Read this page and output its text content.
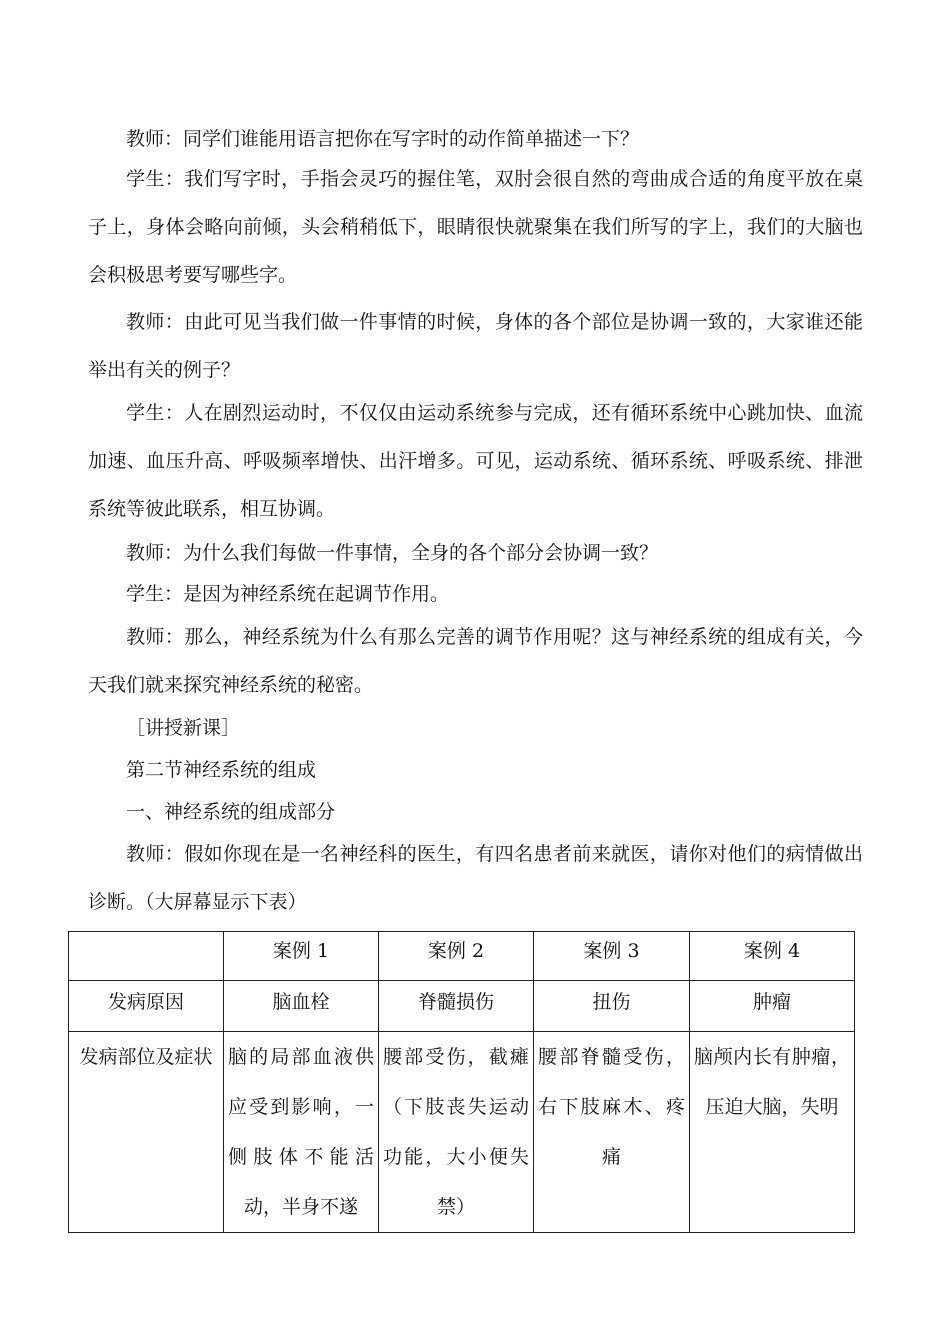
教师：同学们谁能用语言把你在写字时的动作简单描述一下？

学生：我们写字时，手指会灵巧的握住笔，双肘会很自然的弯曲成合适的角度平放在桌子上，身体会略向前倾，头会稍稍低下，眼睛很快就聚集在我们所写的字上，我们的大脑也会积极思考要写哪些字。

教师：由此可见当我们做一件事情的时候，身体的各个部位是协调一致的，大家谁还能举出有关的例子？

学生：人在剧烈运动时，不仅仅由运动系统参与完成，还有循环系统中心跳加快、血流加速、血压升高、呼吸频率增快、出汗增多。可见，运动系统、循环系统、呼吸系统、排泄系统等彼此联系，相互协调。

教师：为什么我们每做一件事情，全身的各个部分会协调一致？

学生：是因为神经系统在起调节作用。

教师：那么，神经系统为什么有那么完善的调节作用呢？这与神经系统的组成有关，今天我们就来探究神经系统的秘密。

［讲授新课］

第二节神经系统的组成

一、神经系统的组成部分

教师：假如你现在是一名神经科的医生，有四名患者前来就医，请你对他们的病情做出诊断。（大屏幕显示下表）

	案例 1	案例 2	案例 3	案例 4
发病原因	脑血栓	脊髓损伤	扭伤	肿瘤
发病部位及症状	脑的局部血液供应受到影响，一侧肢体不能活动，半身不遂	腰部受伤，截瘫（下肢丧失运动功能，大小便失禁）	腰部脊髓受伤，右下肢麻木、疼痛	脑颅内长有肿瘤，压迫大脑，失明
